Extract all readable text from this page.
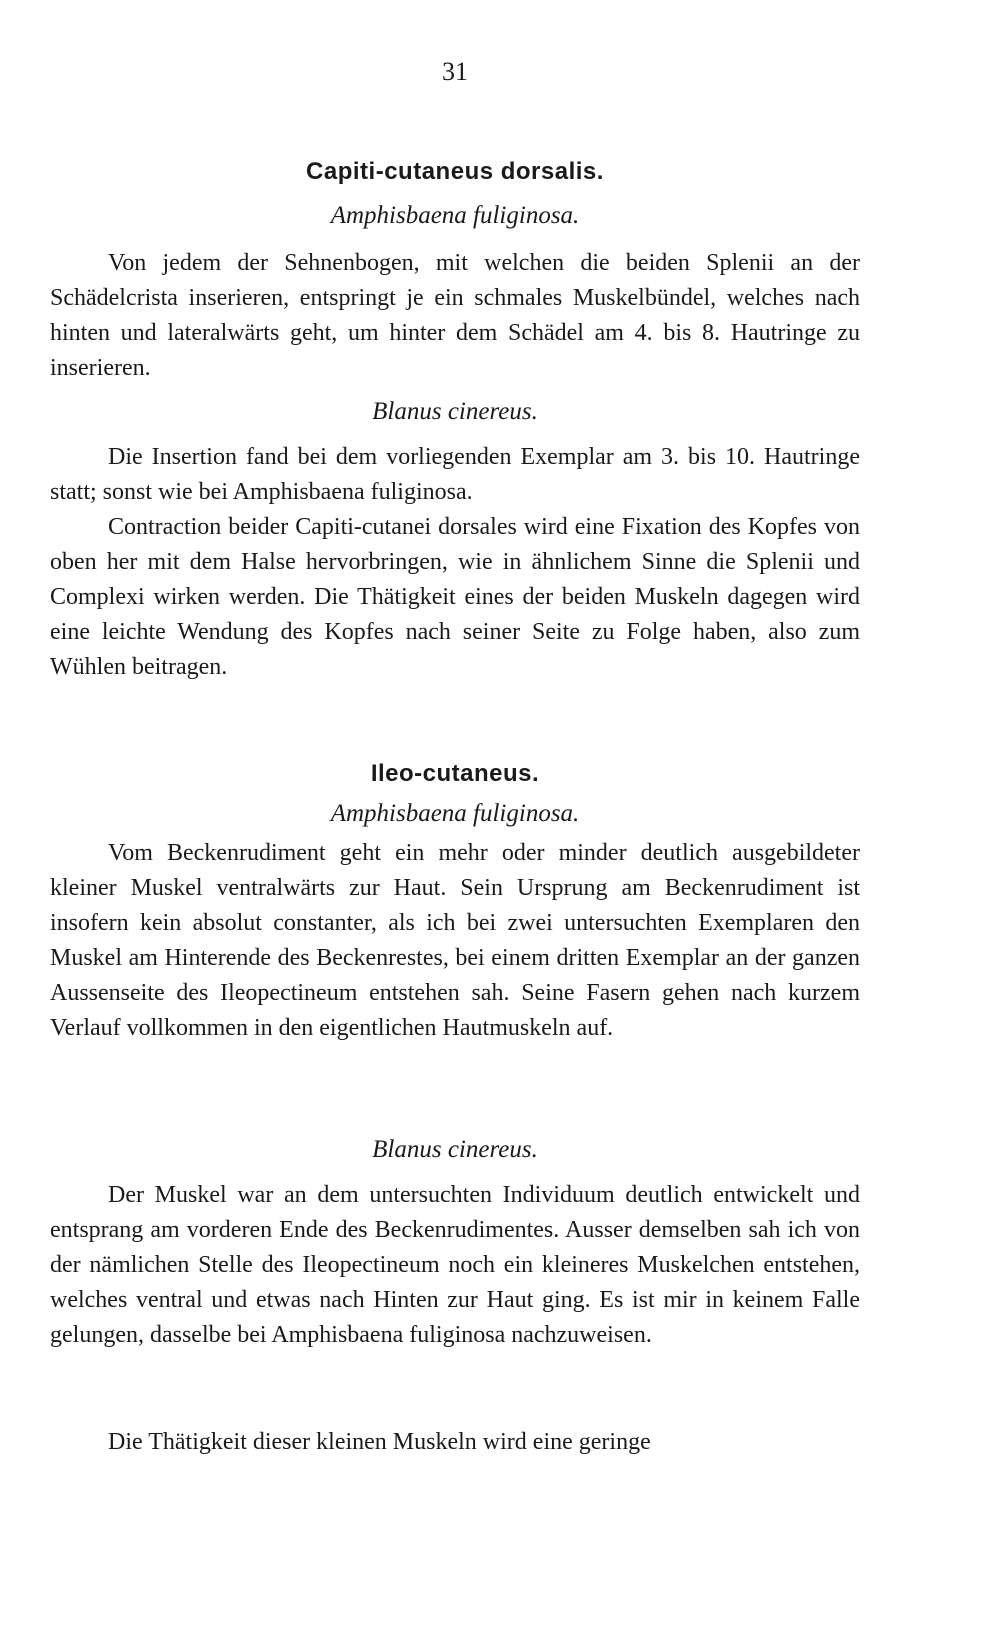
31
Capiti-cutaneus dorsalis.
Amphisbaena fuliginosa.

Von jedem der Sehnenbogen, mit welchen die beiden Splenii an der Schädelcrista inserieren, entspringt je ein schmales Muskelbündel, welches nach hinten und lateralwärts geht, um hinter dem Schädel am 4. bis 8. Hautringe zu inserieren.

Blanus cinereus.

Die Insertion fand bei dem vorliegenden Exemplar am 3. bis 10. Hautringe statt; sonst wie bei Amphisbaena fuliginosa.

Contraction beider Capiti-cutanei dorsales wird eine Fixation des Kopfes von oben her mit dem Halse hervorbringen, wie in ähnlichem Sinne die Splenii und Complexi wirken werden. Die Thätigkeit eines der beiden Muskeln dagegen wird eine leichte Wendung des Kopfes nach seiner Seite zu Folge haben, also zum Wühlen beitragen.

Ileo-cutaneus.
Amphisbaena fuliginosa.

Vom Beckenrudiment geht ein mehr oder minder deutlich ausgebildeter kleiner Muskel ventralwärts zur Haut. Sein Ursprung am Beckenrudiment ist insofern kein absolut constanter, als ich bei zwei untersuchten Exemplaren den Muskel am Hinterende des Beckenrestes, bei einem dritten Exemplar an der ganzen Aussenseite des Ileopectineum entstehen sah. Seine Fasern gehen nach kurzem Verlauf vollkommen in den eigentlichen Hautmuskeln auf.

Blanus cinereus.

Der Muskel war an dem untersuchten Individuum deutlich entwickelt und entsprang am vorderen Ende des Beckenrudimentes. Ausser demselben sah ich von der nämlichen Stelle des Ileopectineum noch ein kleineres Muskelchen entstehen, welches ventral und etwas nach Hinten zur Haut ging. Es ist mir in keinem Falle gelungen, dasselbe bei Amphisbaena fuliginosa nachzuweisen.

Die Thätigkeit dieser kleinen Muskeln wird eine geringe
